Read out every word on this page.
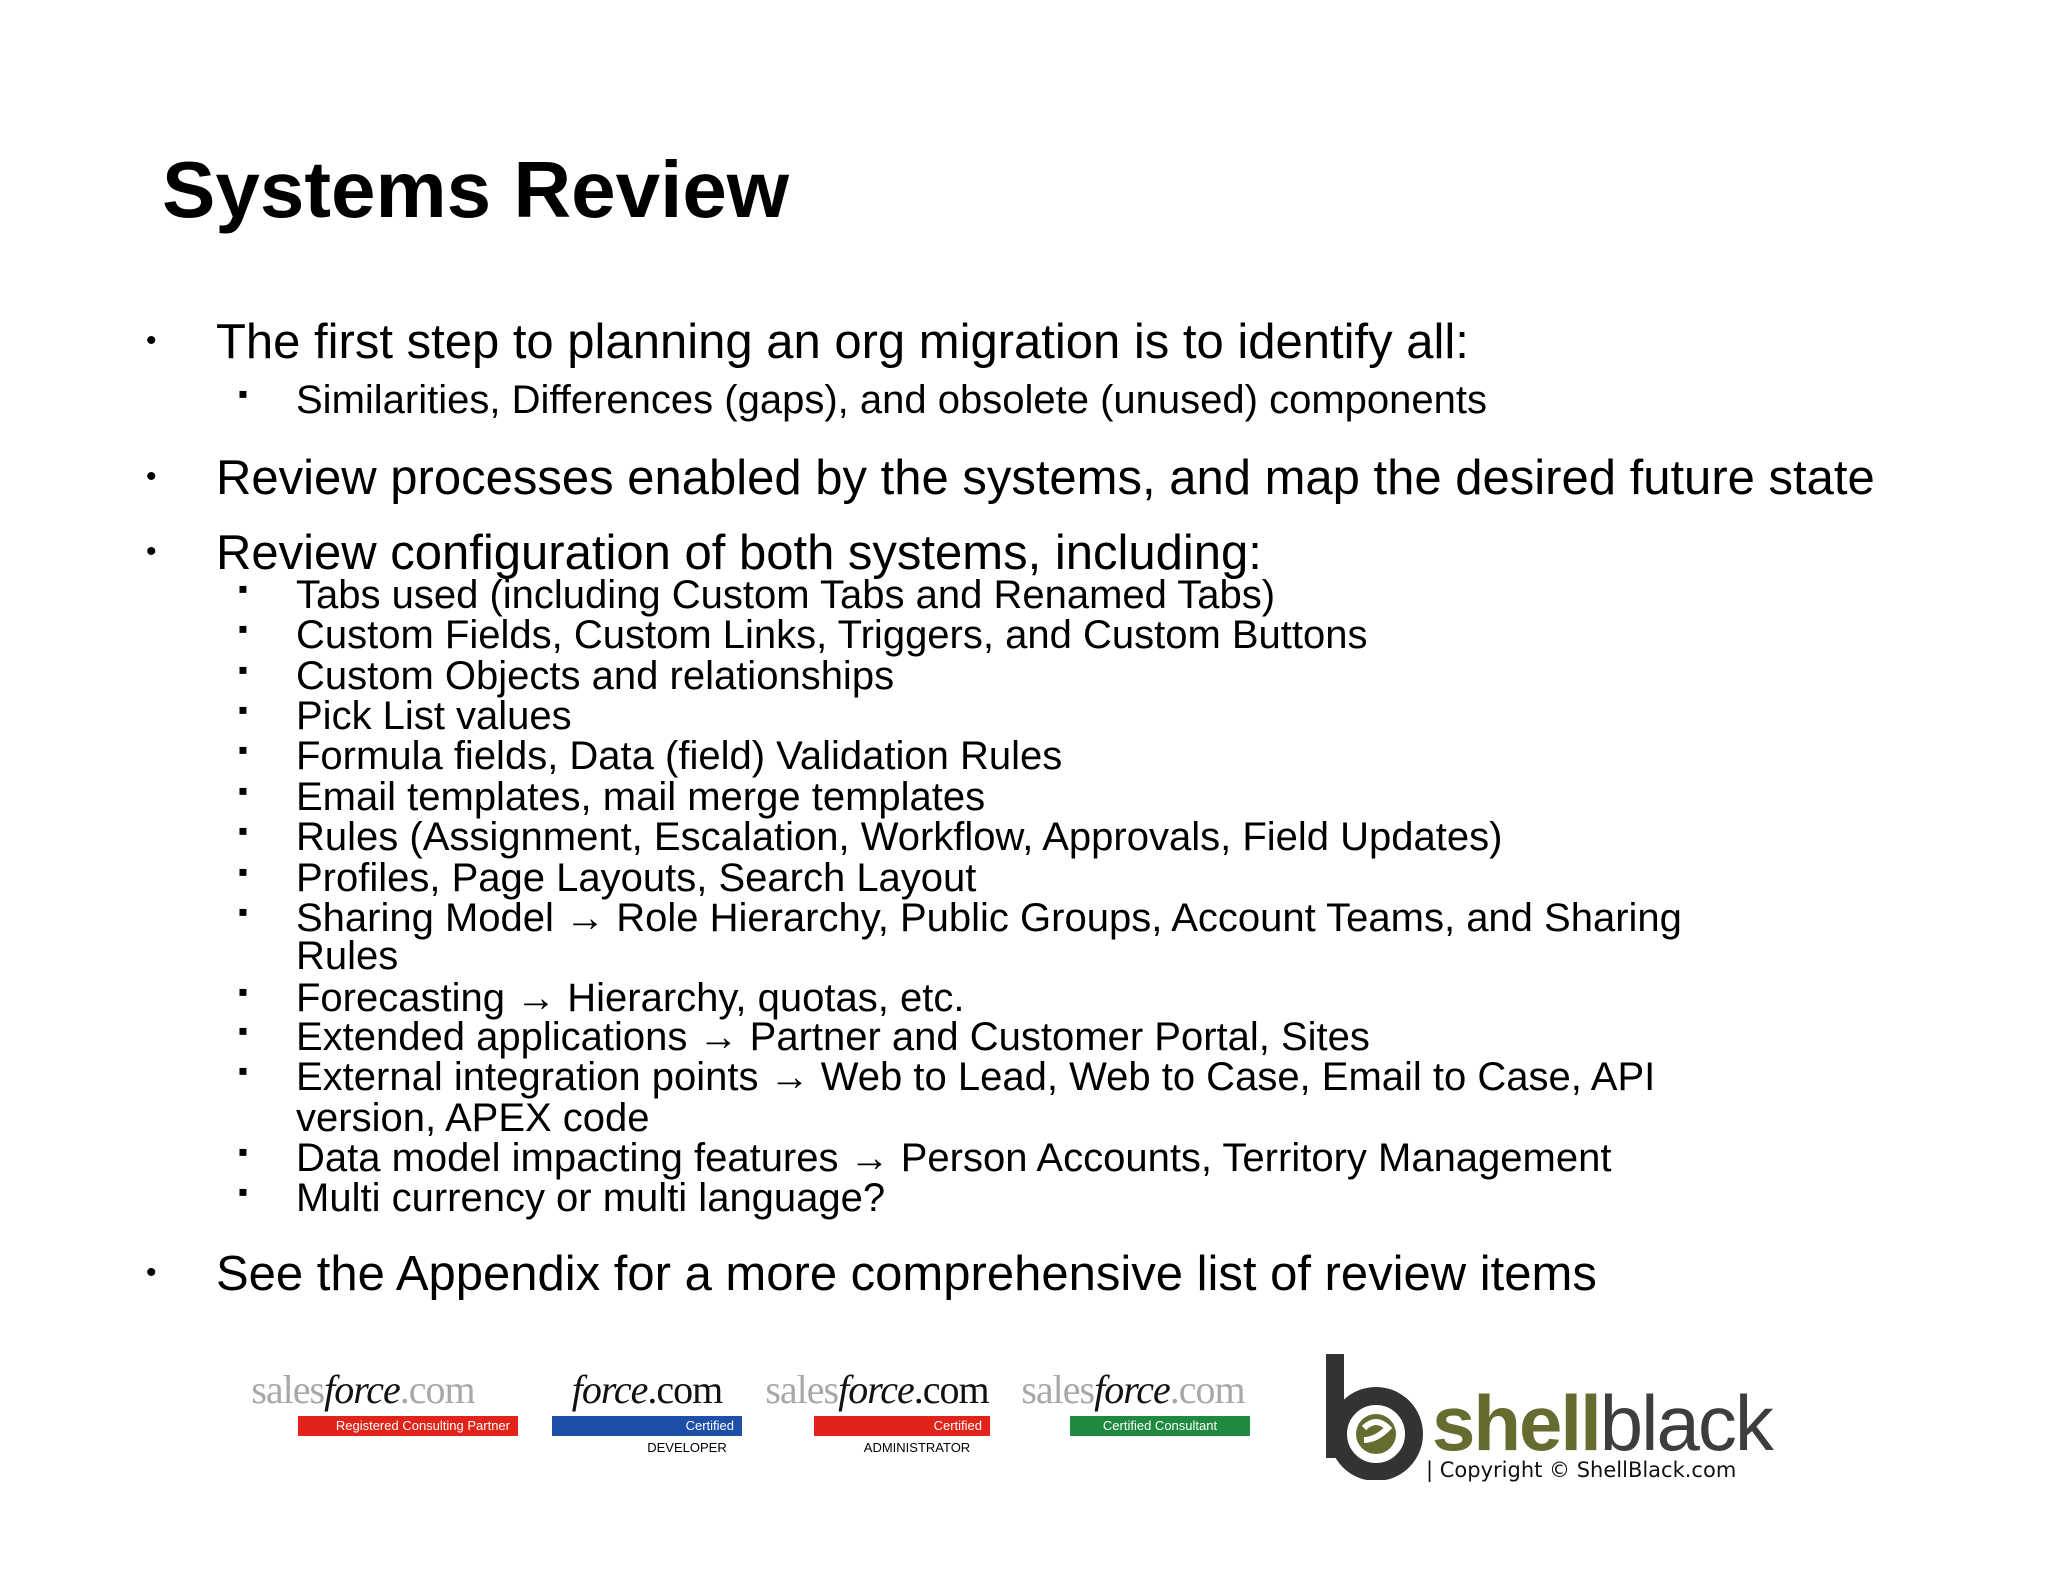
Systems Review
• The first step to planning an org migration is to identify all:
▪ Similarities, Differences (gaps), and obsolete (unused) components
• Review processes enabled by the systems, and map the desired future state
• Review configuration of both systems, including:
▪ Tabs used (including Custom Tabs and Renamed Tabs)
▪ Custom Fields, Custom Links, Triggers, and Custom Buttons
▪ Custom Objects and relationships
▪ Pick List values
▪ Formula fields, Data (field) Validation Rules
▪ Email templates, mail merge templates
▪ Rules (Assignment, Escalation, Workflow, Approvals, Field Updates)
▪ Profiles, Page Layouts, Search Layout
▪ Sharing Model → Role Hierarchy, Public Groups, Account Teams, and Sharing
Rules
▪ Forecasting → Hierarchy, quotas, etc.
▪ Extended applications → Partner and Customer Portal, Sites
▪ External integration points → Web to Lead, Web to Case, Email to Case, API
version, APEX code
▪ Data model impacting features → Person Accounts, Territory Management
▪ Multi currency or multi language?
• See the Appendix for a more comprehensive list of review items
salesforce.com
Registered Consulting Partner
force.com
Certified
DEVELOPER
salesforce.com
Certified
ADMINISTRATOR
salesforce.com
Certified Consultant	shellblack
| Copyright © ShellBlack.com
